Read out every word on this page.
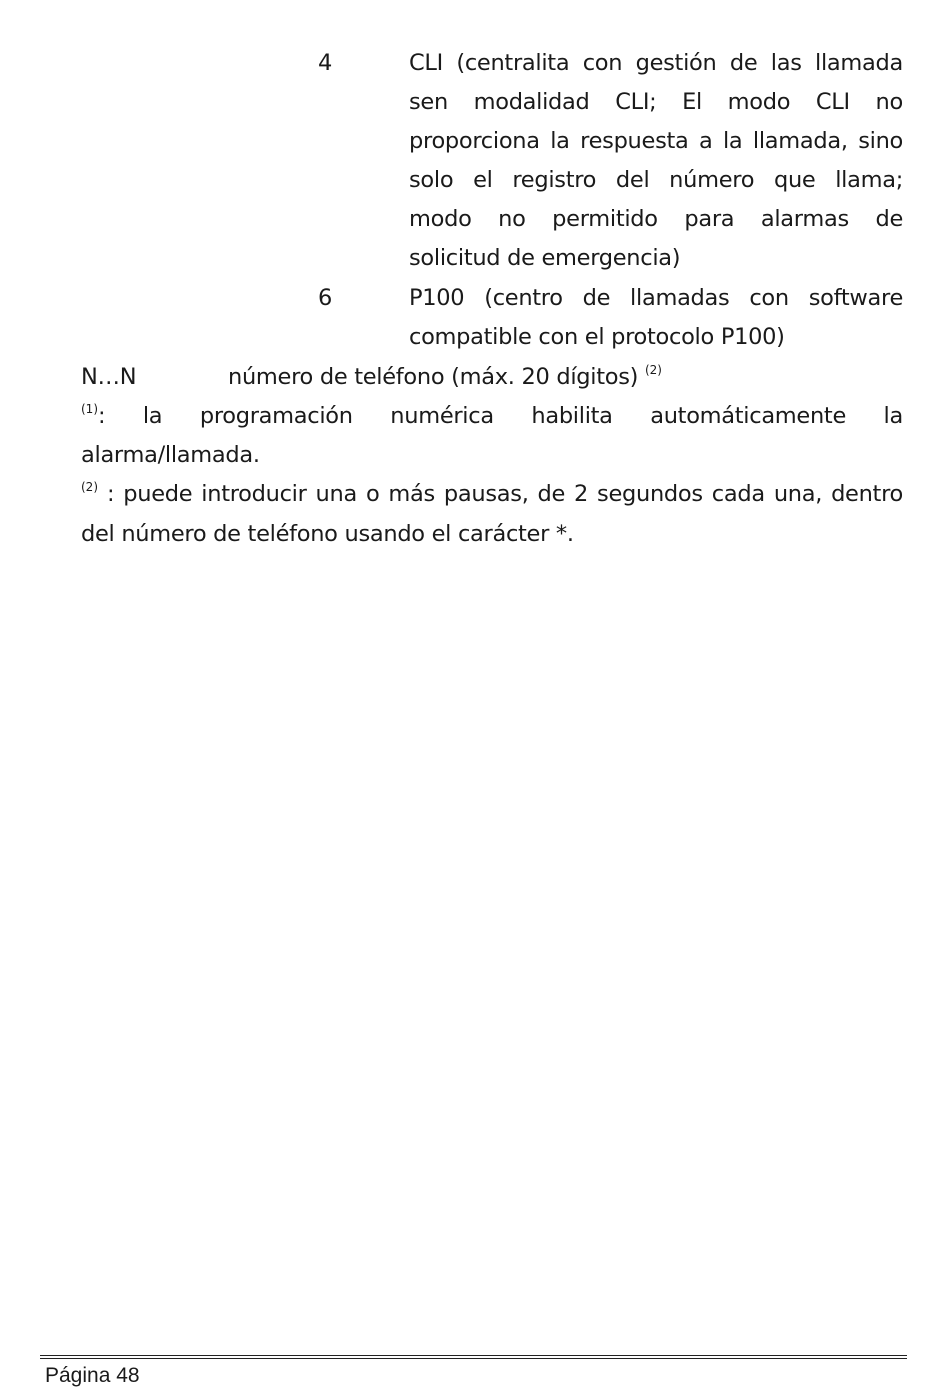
4	CLI (centralita con gestión de las llamada
sen modalidad CLI; El modo CLI no
proporciona la respuesta a la llamada, sino
solo el registro del número que llama;
modo no permitido para alarmas de
solicitud de emergencia)
6	P100 (centro de llamadas con software
compatible con el protocolo P100)
N…N	número de teléfono (máx. 20 dígitos) $^{(2)}$
$^{(1)}$: la programación numérica habilita automáticamente la
alarma/llamada.
$^{(2)}$ : puede introducir una o más pausas, de 2 segundos cada una, dentro
del número de teléfono usando el carácter *.
Página 48
